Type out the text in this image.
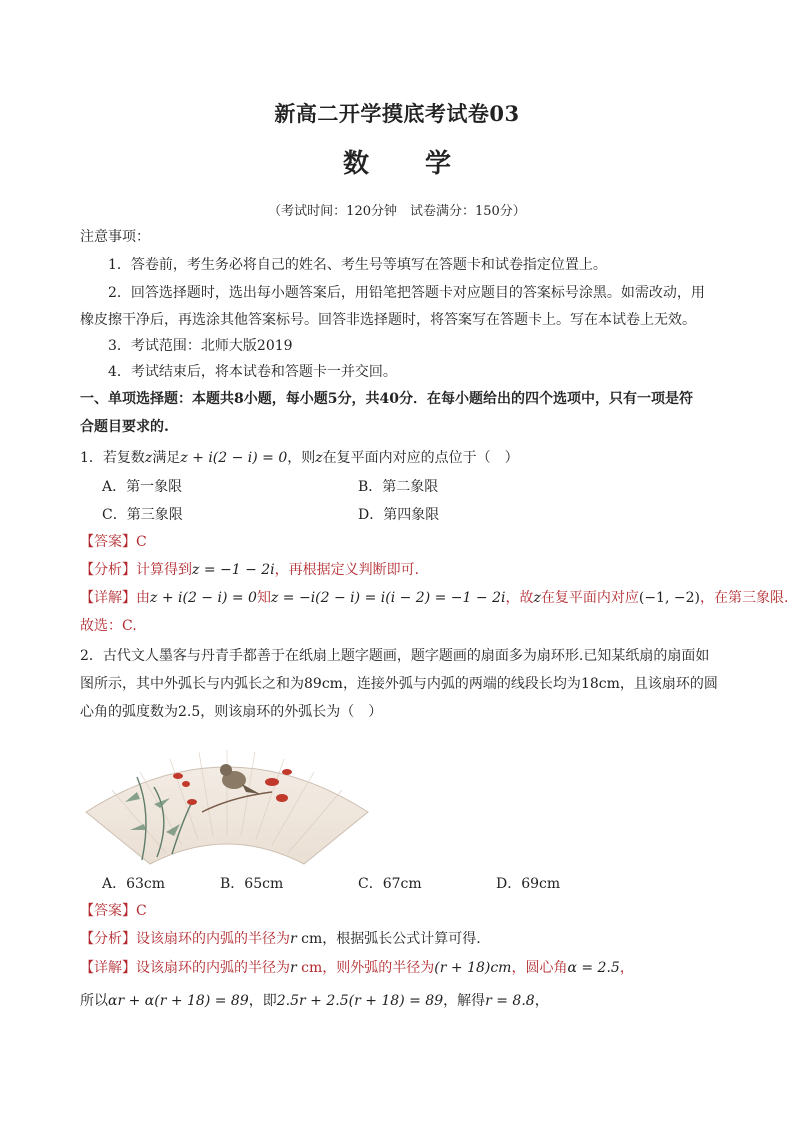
新高二开学摸底考试卷03
数 学
（考试时间：120分钟　试卷满分：150分）
注意事项：
1．答卷前，考生务必将自己的姓名、考生号等填写在答题卡和试卷指定位置上。
2．回答选择题时，选出每小题答案后，用铅笔把答题卡对应题目的答案标号涂黑。如需改动，用
橡皮擦干净后，再选涂其他答案标号。回答非选择题时，将答案写在答题卡上。写在本试卷上无效。
3．考试范围：北师大版2019
4．考试结束后，将本试卷和答题卡一并交回。
一、单项选择题：本题共8小题，每小题5分，共40分．在每小题给出的四个选项中，只有一项是符
合题目要求的.
1．若复数z满足z + i(2 − i) = 0，则z在复平面内对应的点位于（　）
A．第一象限	B．第二象限
C．第三象限	D．第四象限
【答案】C
【分析】计算得到z = −1 − 2i，再根据定义判断即可.
【详解】由z + i(2 − i) = 0知z = −i(2 − i) = i(i − 2) = −1 − 2i，故z在复平面内对应(−1, −2)，在第三象限.
故选：C.
2．古代文人墨客与丹青手都善于在纸扇上题字题画，题字题画的扇面多为扇环形.已知某纸扇的扇面如
图所示，其中外弧长与内弧长之和为89cm，连接外弧与内弧的两端的线段长均为18cm，且该扇环的圆
心角的弧度数为2.5，则该扇环的外弧长为（　）
A．63cm	B．65cm	C．67cm	D．69cm
【答案】C
【分析】设该扇环的内弧的半径为r cm，根据弧长公式计算可得.
【详解】设该扇环的内弧的半径为r cm，则外弧的半径为(r + 18)cm，圆心角α = 2.5，
所以αr + α(r + 18) = 89，即2.5r + 2.5(r + 18) = 89，解得r = 8.8，
